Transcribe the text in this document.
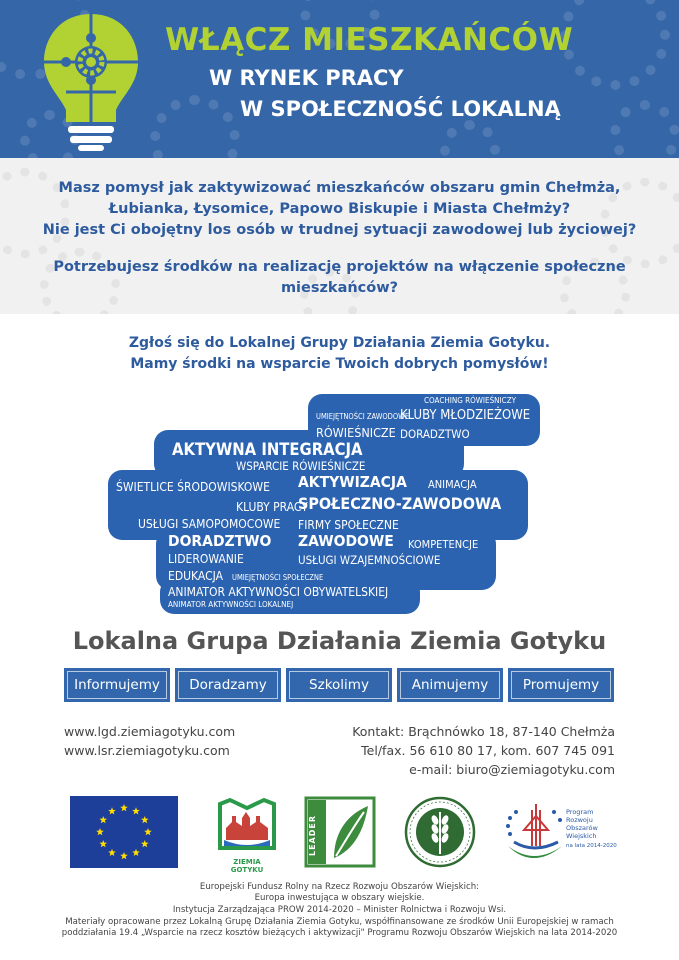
WŁĄCZ MIESZKAŃCÓW
W RYNEK PRACY
W SPOŁECZNOŚĆ LOKALNĄ
Masz pomysł jak zaktywizować mieszkańców obszaru gmin Chełmża,
Łubianka, Łysomice, Papowo Biskupie i Miasta Chełmży?
Nie jest Ci obojętny los osób w trudnej sytuacji zawodowej lub życiowej?
Potrzebujesz środków na realizację projektów na włączenie społeczne
mieszkańców?
Zgłoś się do Lokalnej Grupy Działania Ziemia Gotyku.
Mamy środki na wsparcie Twoich dobrych pomysłów!
COACHING RÓWIEŚNICZY
UMIEJĘTNOŚCI ZAWODOWE
KLUBY MŁODZIEŻOWE
RÓWIEŚNICZE DORADZTWO
AKTYWNA INTEGRACJA
WSPARCIE RÓWIEŚNICZE
ŚWIETLICE ŚRODOWISKOWE AKTYWIZACJA ANIMACJA
KLUBY PRACY
SPOŁECZNO-ZAWODOWA
USŁUGI SAMOPOMOCOWE FIRMY SPOŁECZNE
DORADZTWO ZAWODOWE KOMPETENCJE
LIDEROWANIE	USŁUGI WZAJEMNOŚCIOWE
EDUKACJA UMIEJĘTNOŚCI SPOŁECZNE
ANIMATOR AKTYWNOŚCI OBYWATELSKIEJ
ANIMATOR AKTYWNOŚCI LOKALNEJ
Lokalna Grupa Działania Ziemia Gotyku
Informujemy	Doradzamy	Szkolimy	Animujemy	Promujemy
www.lgd.ziemiagotyku.com
www.lsr.ziemiagotyku.com
Kontakt: Brąchnówko 18, 87-140 Chełmża
Tel/fax. 56 610 80 17, kom. 607 745 091
e-mail: biuro@ziemiagotyku.com
ZIEMIA GOTYKU
LEADER
Program
Rozwoju
Obszarów
Wiejskich
na lata 2014-2020
Europejski Fundusz Rolny na Rzecz Rozwoju Obszarów Wiejskich:
Europa inwestująca w obszary wiejskie.
Instytucja Zarządzająca PROW 2014-2020 – Minister Rolnictwa i Rozwoju Wsi.
Materiały opracowane przez Lokalną Grupę Działania Ziemia Gotyku, współfinansowane ze środków Unii Europejskiej w ramach
poddziałania 19.4 „Wsparcie na rzecz kosztów bieżących i aktywizacji" Programu Rozwoju Obszarów Wiejskich na lata 2014-2020
